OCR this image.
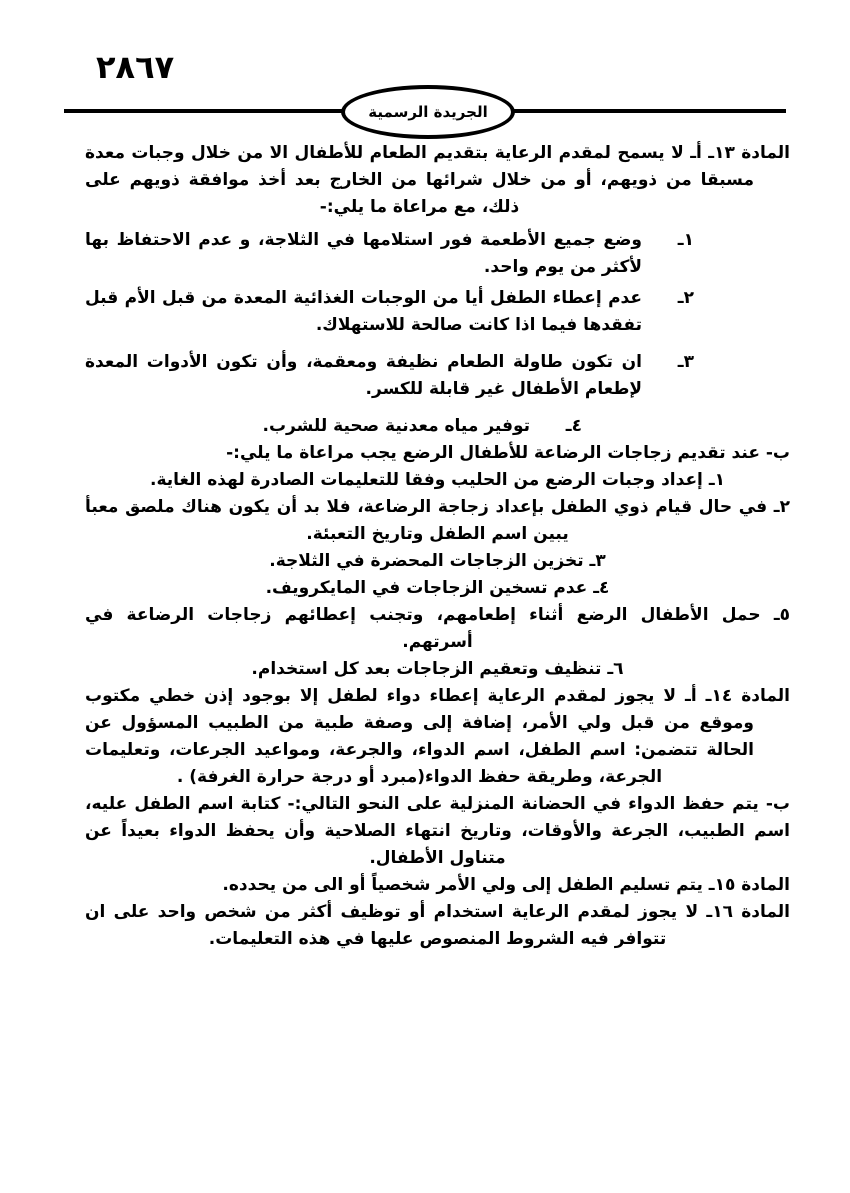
٢٨٦٧
الجريدة الرسمية

المادة ١٣ـ أـ لا يسمح لمقدم الرعاية بتقديم الطعام للأطفال الا من خلال وجبات معدة مسبقا من ذويهم، أو من خلال شرائها من الخارج بعد أخذ موافقة ذويهم على ذلك، مع مراعاة ما يلي:-

١ـ
وضع جميع الأطعمة فور استلامها في الثلاجة، و عدم الاحتفاظ بها لأكثر من يوم واحد.
٢ـ
عدم إعطاء الطفل أيا من الوجبات الغذائية المعدة من قبل الأم قبل تفقدها فيما اذا كانت صالحة للاستهلاك.
٣ـ
ان تكون طاولة الطعام نظيفة ومعقمة، وأن تكون الأدوات المعدة لإطعام الأطفال غير قابلة للكسر.
٤ـ
توفير مياه معدنية صحية للشرب.

ب- عند تقديم زجاجات الرضاعة للأطفال الرضع يجب مراعاة ما يلي:-

١ـ إعداد وجبات الرضع من الحليب وفقا للتعليمات الصادرة لهذه الغاية.

٢ـ في حال قيام ذوي الطفل بإعداد زجاجة الرضاعة، فلا بد أن يكون هناك ملصق معبأ يبين اسم الطفل وتاريخ التعبئة.

٣ـ تخزين الزجاجات المحضرة في الثلاجة.

٤ـ عدم تسخين الزجاجات في المايكرويف.

٥ـ حمل الأطفال الرضع أثناء إطعامهم، وتجنب إعطائهم زجاجات الرضاعة في أسرتهم.

٦ـ تنظيف وتعقيم الزجاجات بعد كل استخدام.

المادة ١٤ـ أـ لا يجوز لمقدم الرعاية إعطاء دواء لطفل إلا بوجود إذن خطي مكتوب وموقع من قبل ولي الأمر، إضافة إلى وصفة طبية من الطبيب المسؤول عن الحالة تتضمن: اسم الطفل، اسم الدواء، والجرعة، ومواعيد الجرعات، وتعليمات الجرعة، وطريقة حفظ الدواء(مبرد أو درجة حرارة الغرفة) .

ب- يتم حفظ الدواء في الحضانة المنزلية على النحو التالي:- كتابة اسم الطفل عليه، اسم الطبيب، الجرعة والأوقات، وتاريخ انتهاء الصلاحية وأن يحفظ الدواء بعيداً عن متناول الأطفال.

المادة ١٥ـ يتم تسليم الطفل إلى ولي الأمر شخصياً أو الى من يحدده.

المادة ١٦ـ لا يجوز لمقدم الرعاية استخدام أو توظيف أكثر من شخص واحد على ان تتوافر فيه الشروط المنصوص عليها في هذه التعليمات.
